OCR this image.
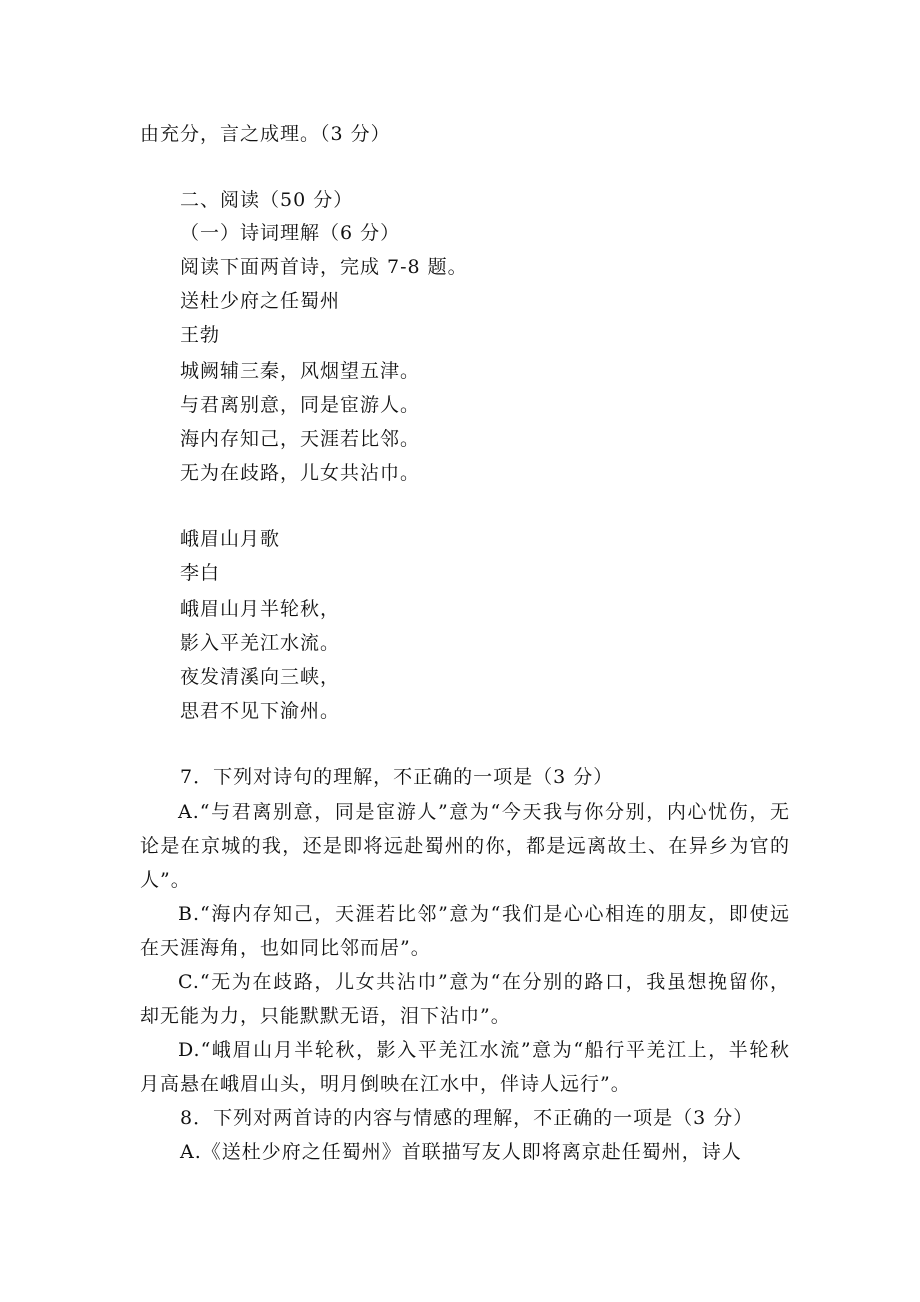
由充分，言之成理。（3 分）
二、阅读（50 分）
（一）诗词理解（6 分）
阅读下面两首诗，完成 7-8 题。
送杜少府之任蜀州
王勃
城阙辅三秦，风烟望五津。
与君离别意，同是宦游人。
海内存知己，天涯若比邻。
无为在歧路，儿女共沾巾。
峨眉山月歌
李白
峨眉山月半轮秋，
影入平羌江水流。
夜发清溪向三峡，
思君不见下渝州。
7．下列对诗句的理解，不正确的一项是（3 分）
A.“与君离别意，同是宦游人”意为“今天我与你分别，内心忧伤，无论是在京城的我，还是即将远赴蜀州的你，都是远离故土、在异乡为官的人”。
B.“海内存知己，天涯若比邻”意为“我们是心心相连的朋友，即使远在天涯海角，也如同比邻而居”。
C.“无为在歧路，儿女共沾巾”意为“在分别的路口，我虽想挽留你，却无能为力，只能默默无语，泪下沾巾”。
D.“峨眉山月半轮秋，影入平羌江水流”意为“船行平羌江上，半轮秋月高悬在峨眉山头，明月倒映在江水中，伴诗人远行”。
8．下列对两首诗的内容与情感的理解，不正确的一项是（3 分）
A.《送杜少府之任蜀州》首联描写友人即将离京赴任蜀州，诗人
